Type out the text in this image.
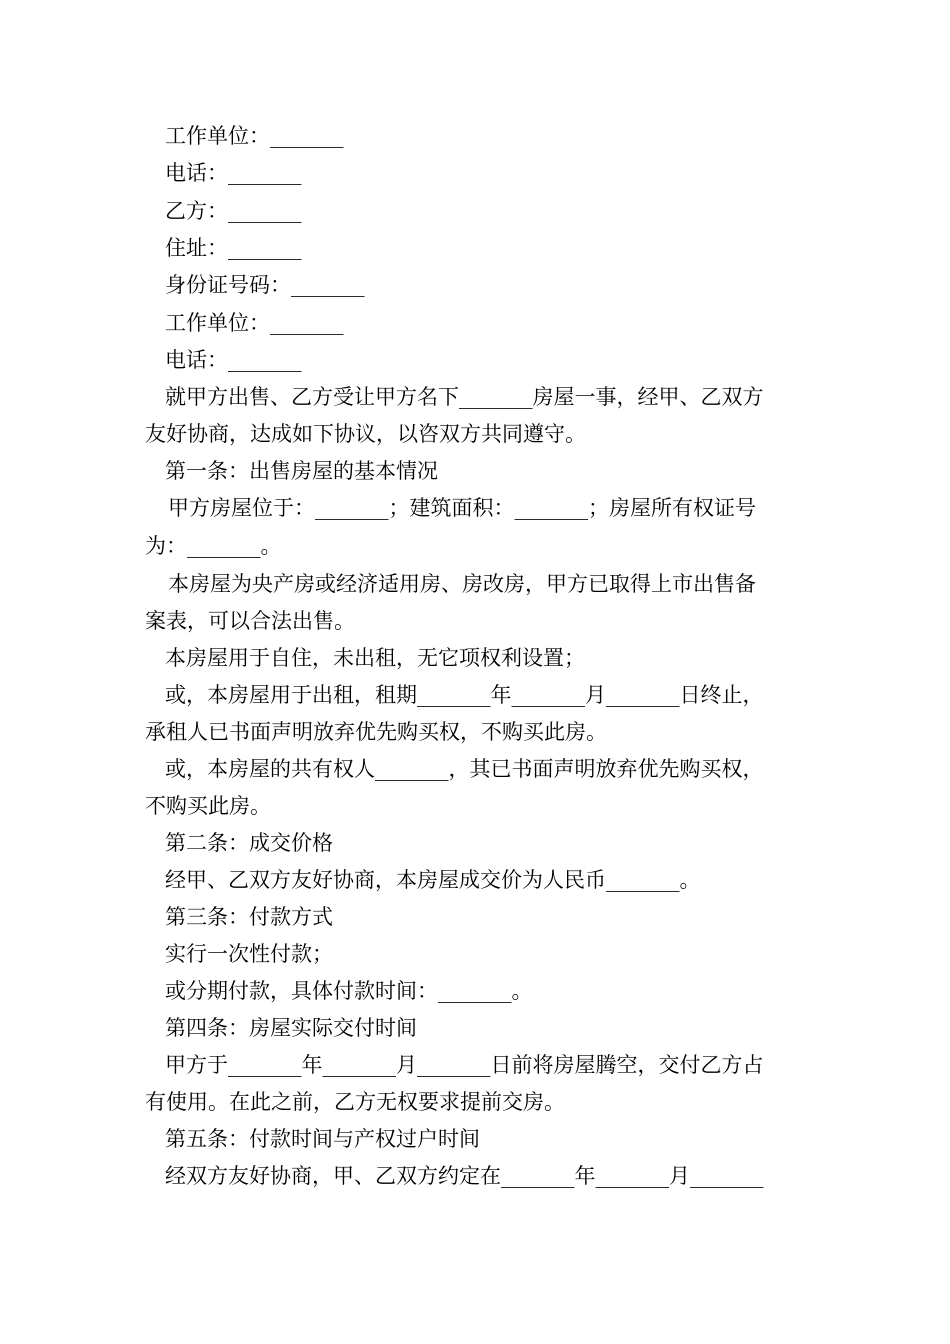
工作单位：_______
电话：_______
乙方：_______
住址：_______
身份证号码：_______
工作单位：_______
电话：_______
就甲方出售、乙方受让甲方名下_______房屋一事，经甲、乙双方
友好协商，达成如下协议，以咨双方共同遵守。
第一条：出售房屋的基本情况
甲方房屋位于：_______；建筑面积：_______；房屋所有权证号
为：_______。
本房屋为央产房或经济适用房、房改房，甲方已取得上市出售备
案表，可以合法出售。
本房屋用于自住，未出租，无它项权利设置；
或，本房屋用于出租，租期_______年_______月_______日终止，
承租人已书面声明放弃优先购买权，不购买此房。
或，本房屋的共有权人_______，其已书面声明放弃优先购买权，
不购买此房。
第二条：成交价格
经甲、乙双方友好协商，本房屋成交价为人民币_______。
第三条：付款方式
实行一次性付款；
或分期付款，具体付款时间：_______。
第四条：房屋实际交付时间
甲方于_______年_______月_______日前将房屋腾空，交付乙方占
有使用。在此之前，乙方无权要求提前交房。
第五条：付款时间与产权过户时间
经双方友好协商，甲、乙双方约定在_______年_______月_______
